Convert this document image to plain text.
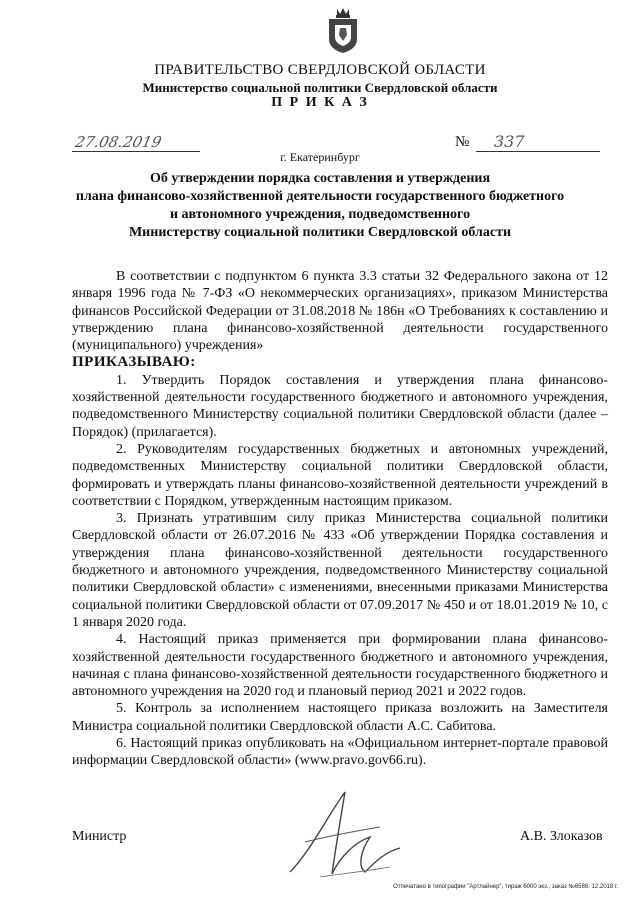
ПРАВИТЕЛЬСТВО СВЕРДЛОВСКОЙ ОБЛАСТИ
Министерство социальной политики Свердловской области
П Р И К А З
27.08.2019	№ 337
г. Екатеринбург
Об утверждении порядка составления и утверждения
плана финансово-хозяйственной деятельности государственного бюджетного
и автономного учреждения, подведомственного
Министерству социальной политики Свердловской области

В соответствии с подпунктом 6 пункта 3.3 статьи 32 Федерального закона от 12 января 1996 года № 7-ФЗ «О некоммерческих организациях», приказом Министерства финансов Российской Федерации от 31.08.2018 № 186н «О Требованиях к составлению и утверждению плана финансово-хозяйственной деятельности государственного (муниципального) учреждения»

ПРИКАЗЫВАЮ:

1. Утвердить Порядок составления и утверждения плана финансово-хозяйственной деятельности государственного бюджетного и автономного учреждения, подведомственного Министерству социальной политики Свердловской области (далее – Порядок) (прилагается).

2. Руководителям государственных бюджетных и автономных учреждений, подведомственных Министерству социальной политики Свердловской области, формировать и утверждать планы финансово-хозяйственной деятельности учреждений в соответствии с Порядком, утвержденным настоящим приказом.

3. Признать утратившим силу приказ Министерства социальной политики Свердловской области от 26.07.2016 № 433 «Об утверждении Порядка составления и утверждения плана финансово-хозяйственной деятельности государственного бюджетного и автономного учреждения, подведомственного Министерству социальной политики Свердловской области» с изменениями, внесенными приказами Министерства социальной политики Свердловской области от 07.09.2017 № 450 и от 18.01.2019 № 10, с 1 января 2020 года.

4. Настоящий приказ применяется при формировании плана финансово-хозяйственной деятельности государственного бюджетного и автономного учреждения, начиная с плана финансово-хозяйственной деятельности государственного бюджетного и автономного учреждения на 2020 год и плановый период 2021 и 2022 годов.

5. Контроль за исполнением настоящего приказа возложить на Заместителя Министра социальной политики Свердловской области А.С. Сабитова.

6. Настоящий приказ опубликовать на «Официальном интернет-портале правовой информации Свердловской области» (www.pravo.gov66.ru).

Министр	А.В. Злоказов
Отпечатано в типографии "Артлайнер", тираж 6000 экз., заказ №6586. 12.2018 г.
